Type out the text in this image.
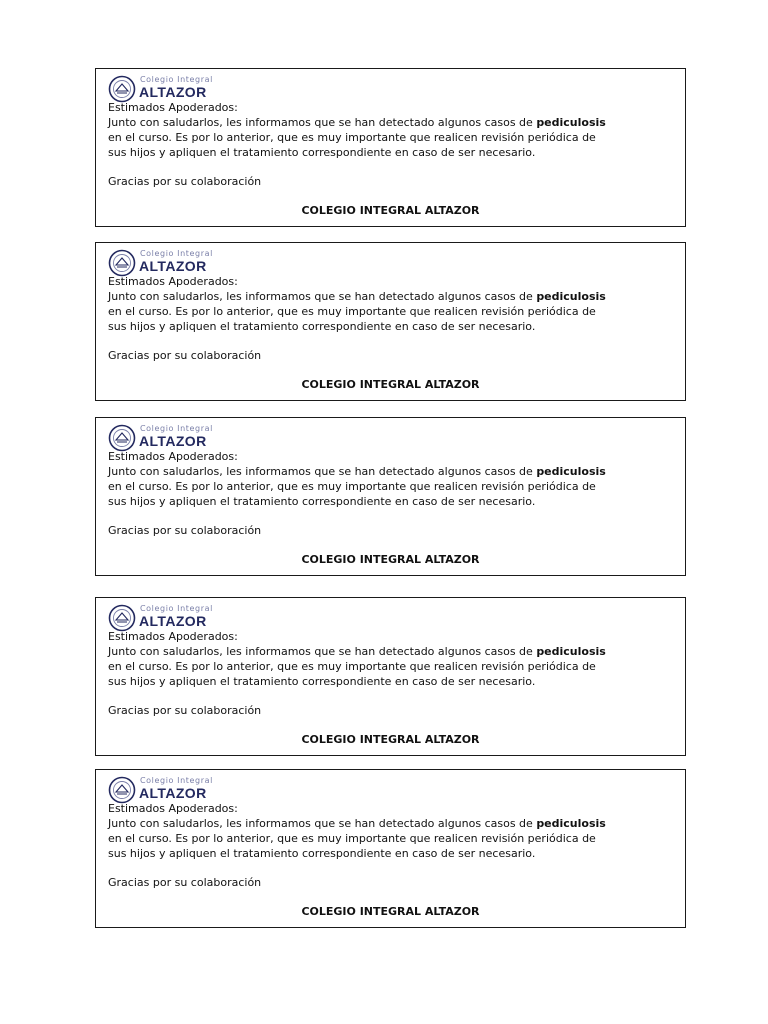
Colegio Integral
ALTAZOR
Estimados Apoderados:
Junto con saludarlos, les informamos que se han detectado algunos casos de pediculosis
en el curso. Es por lo anterior, que es muy importante que realicen revisión periódica de
sus hijos y apliquen el tratamiento correspondiente en caso de ser necesario.
Gracias por su colaboración
COLEGIO INTEGRAL ALTAZOR
Colegio Integral
ALTAZOR
Estimados Apoderados:
Junto con saludarlos, les informamos que se han detectado algunos casos de pediculosis
en el curso. Es por lo anterior, que es muy importante que realicen revisión periódica de
sus hijos y apliquen el tratamiento correspondiente en caso de ser necesario.
Gracias por su colaboración
COLEGIO INTEGRAL ALTAZOR
Colegio Integral
ALTAZOR
Estimados Apoderados:
Junto con saludarlos, les informamos que se han detectado algunos casos de pediculosis
en el curso. Es por lo anterior, que es muy importante que realicen revisión periódica de
sus hijos y apliquen el tratamiento correspondiente en caso de ser necesario.
Gracias por su colaboración
COLEGIO INTEGRAL ALTAZOR
Colegio Integral
ALTAZOR
Estimados Apoderados:
Junto con saludarlos, les informamos que se han detectado algunos casos de pediculosis
en el curso. Es por lo anterior, que es muy importante que realicen revisión periódica de
sus hijos y apliquen el tratamiento correspondiente en caso de ser necesario.
Gracias por su colaboración
COLEGIO INTEGRAL ALTAZOR
Colegio Integral
ALTAZOR
Estimados Apoderados:
Junto con saludarlos, les informamos que se han detectado algunos casos de pediculosis
en el curso. Es por lo anterior, que es muy importante que realicen revisión periódica de
sus hijos y apliquen el tratamiento correspondiente en caso de ser necesario.
Gracias por su colaboración
COLEGIO INTEGRAL ALTAZOR
